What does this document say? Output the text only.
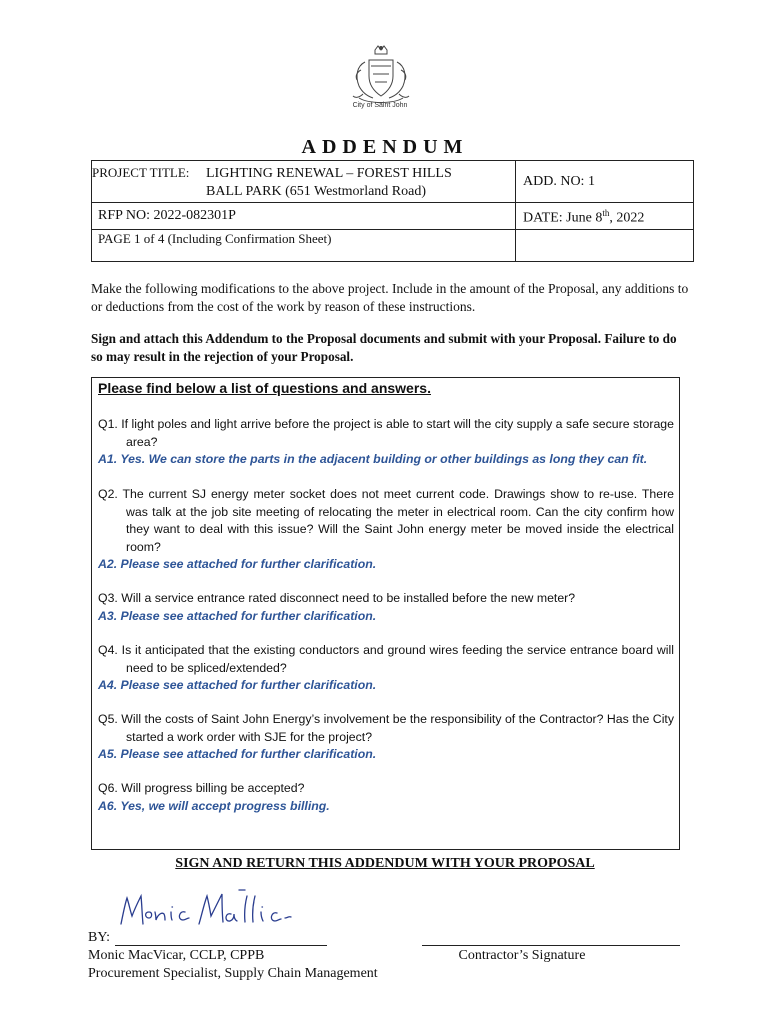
City of Saint John
ADDENDUM
PROJECT TITLE: LIGHTING RENEWAL – FOREST HILLS
BALL PARK (651 Westmorland Road)
ADD. NO: 1
RFP NO: 2022-082301P	DATE: June 8th, 2022
PAGE 1 of 4 (Including Confirmation Sheet)
Make the following modifications to the above project. Include in the amount of the Proposal, any additions to or deductions from the cost of the work by reason of these instructions.
Sign and attach this Addendum to the Proposal documents and submit with your Proposal. Failure to do so may result in the rejection of your Proposal.
Please find below a list of questions and answers.
Q1. If light poles and light arrive before the project is able to start will the city supply a safe secure storage area?
A1. Yes. We can store the parts in the adjacent building or other buildings as long they can fit.
Q2. The current SJ energy meter socket does not meet current code. Drawings show to re-use. There was talk at the job site meeting of relocating the meter in electrical room. Can the city confirm how they want to deal with this issue? Will the Saint John energy meter be moved inside the electrical room?
A2. Please see attached for further clarification.
Q3. Will a service entrance rated disconnect need to be installed before the new meter?
A3. Please see attached for further clarification.
Q4. Is it anticipated that the existing conductors and ground wires feeding the service entrance board will need to be spliced/extended?
A4. Please see attached for further clarification.
Q5. Will the costs of Saint John Energy’s involvement be the responsibility of the Contractor? Has the City started a work order with SJE for the project?
A5. Please see attached for further clarification.
Q6. Will progress billing be accepted?
A6. Yes, we will accept progress billing.
SIGN AND RETURN THIS ADDENDUM WITH YOUR PROPOSAL
BY:
Monic MacVicar, CCLP, CPPB
Procurement Specialist, Supply Chain Management
Contractor’s Signature
